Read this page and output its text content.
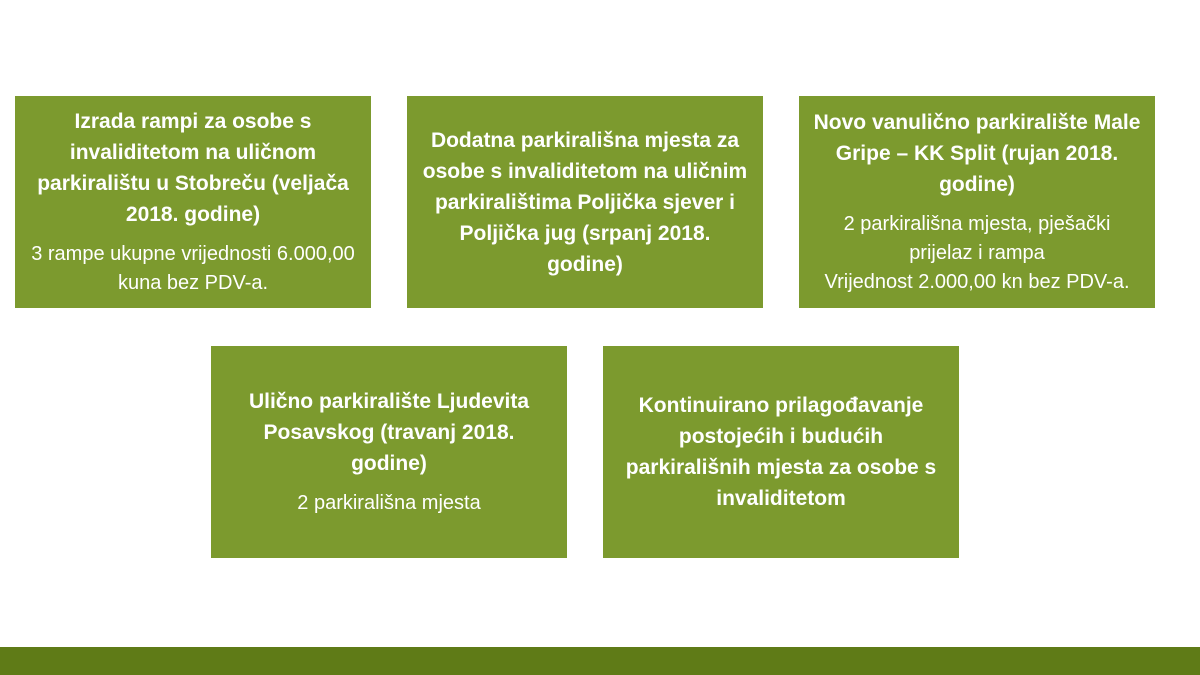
Izrada rampi za osobe s invaliditetom na uličnom parkiralištu u Stobreču (veljača 2018. godine)

3 rampe ukupne vrijednosti 6.000,00 kuna bez PDV-a.

Dodatna parkirališna mjesta za osobe s invaliditetom na uličnim parkiralištima Poljička sjever i Poljička jug (srpanj 2018. godine)

Novo vanulično parkiralište Male Gripe – KK Split (rujan 2018. godine)

2 parkirališna mjesta, pješački prijelaz i rampa
Vrijednost 2.000,00 kn bez PDV-a.

Ulično parkiralište Ljudevita Posavskog (travanj 2018. godine)

2 parkirališna mjesta

Kontinuirano prilagođavanje postojećih i budućih parkirališnih mjesta za osobe s invaliditetom
